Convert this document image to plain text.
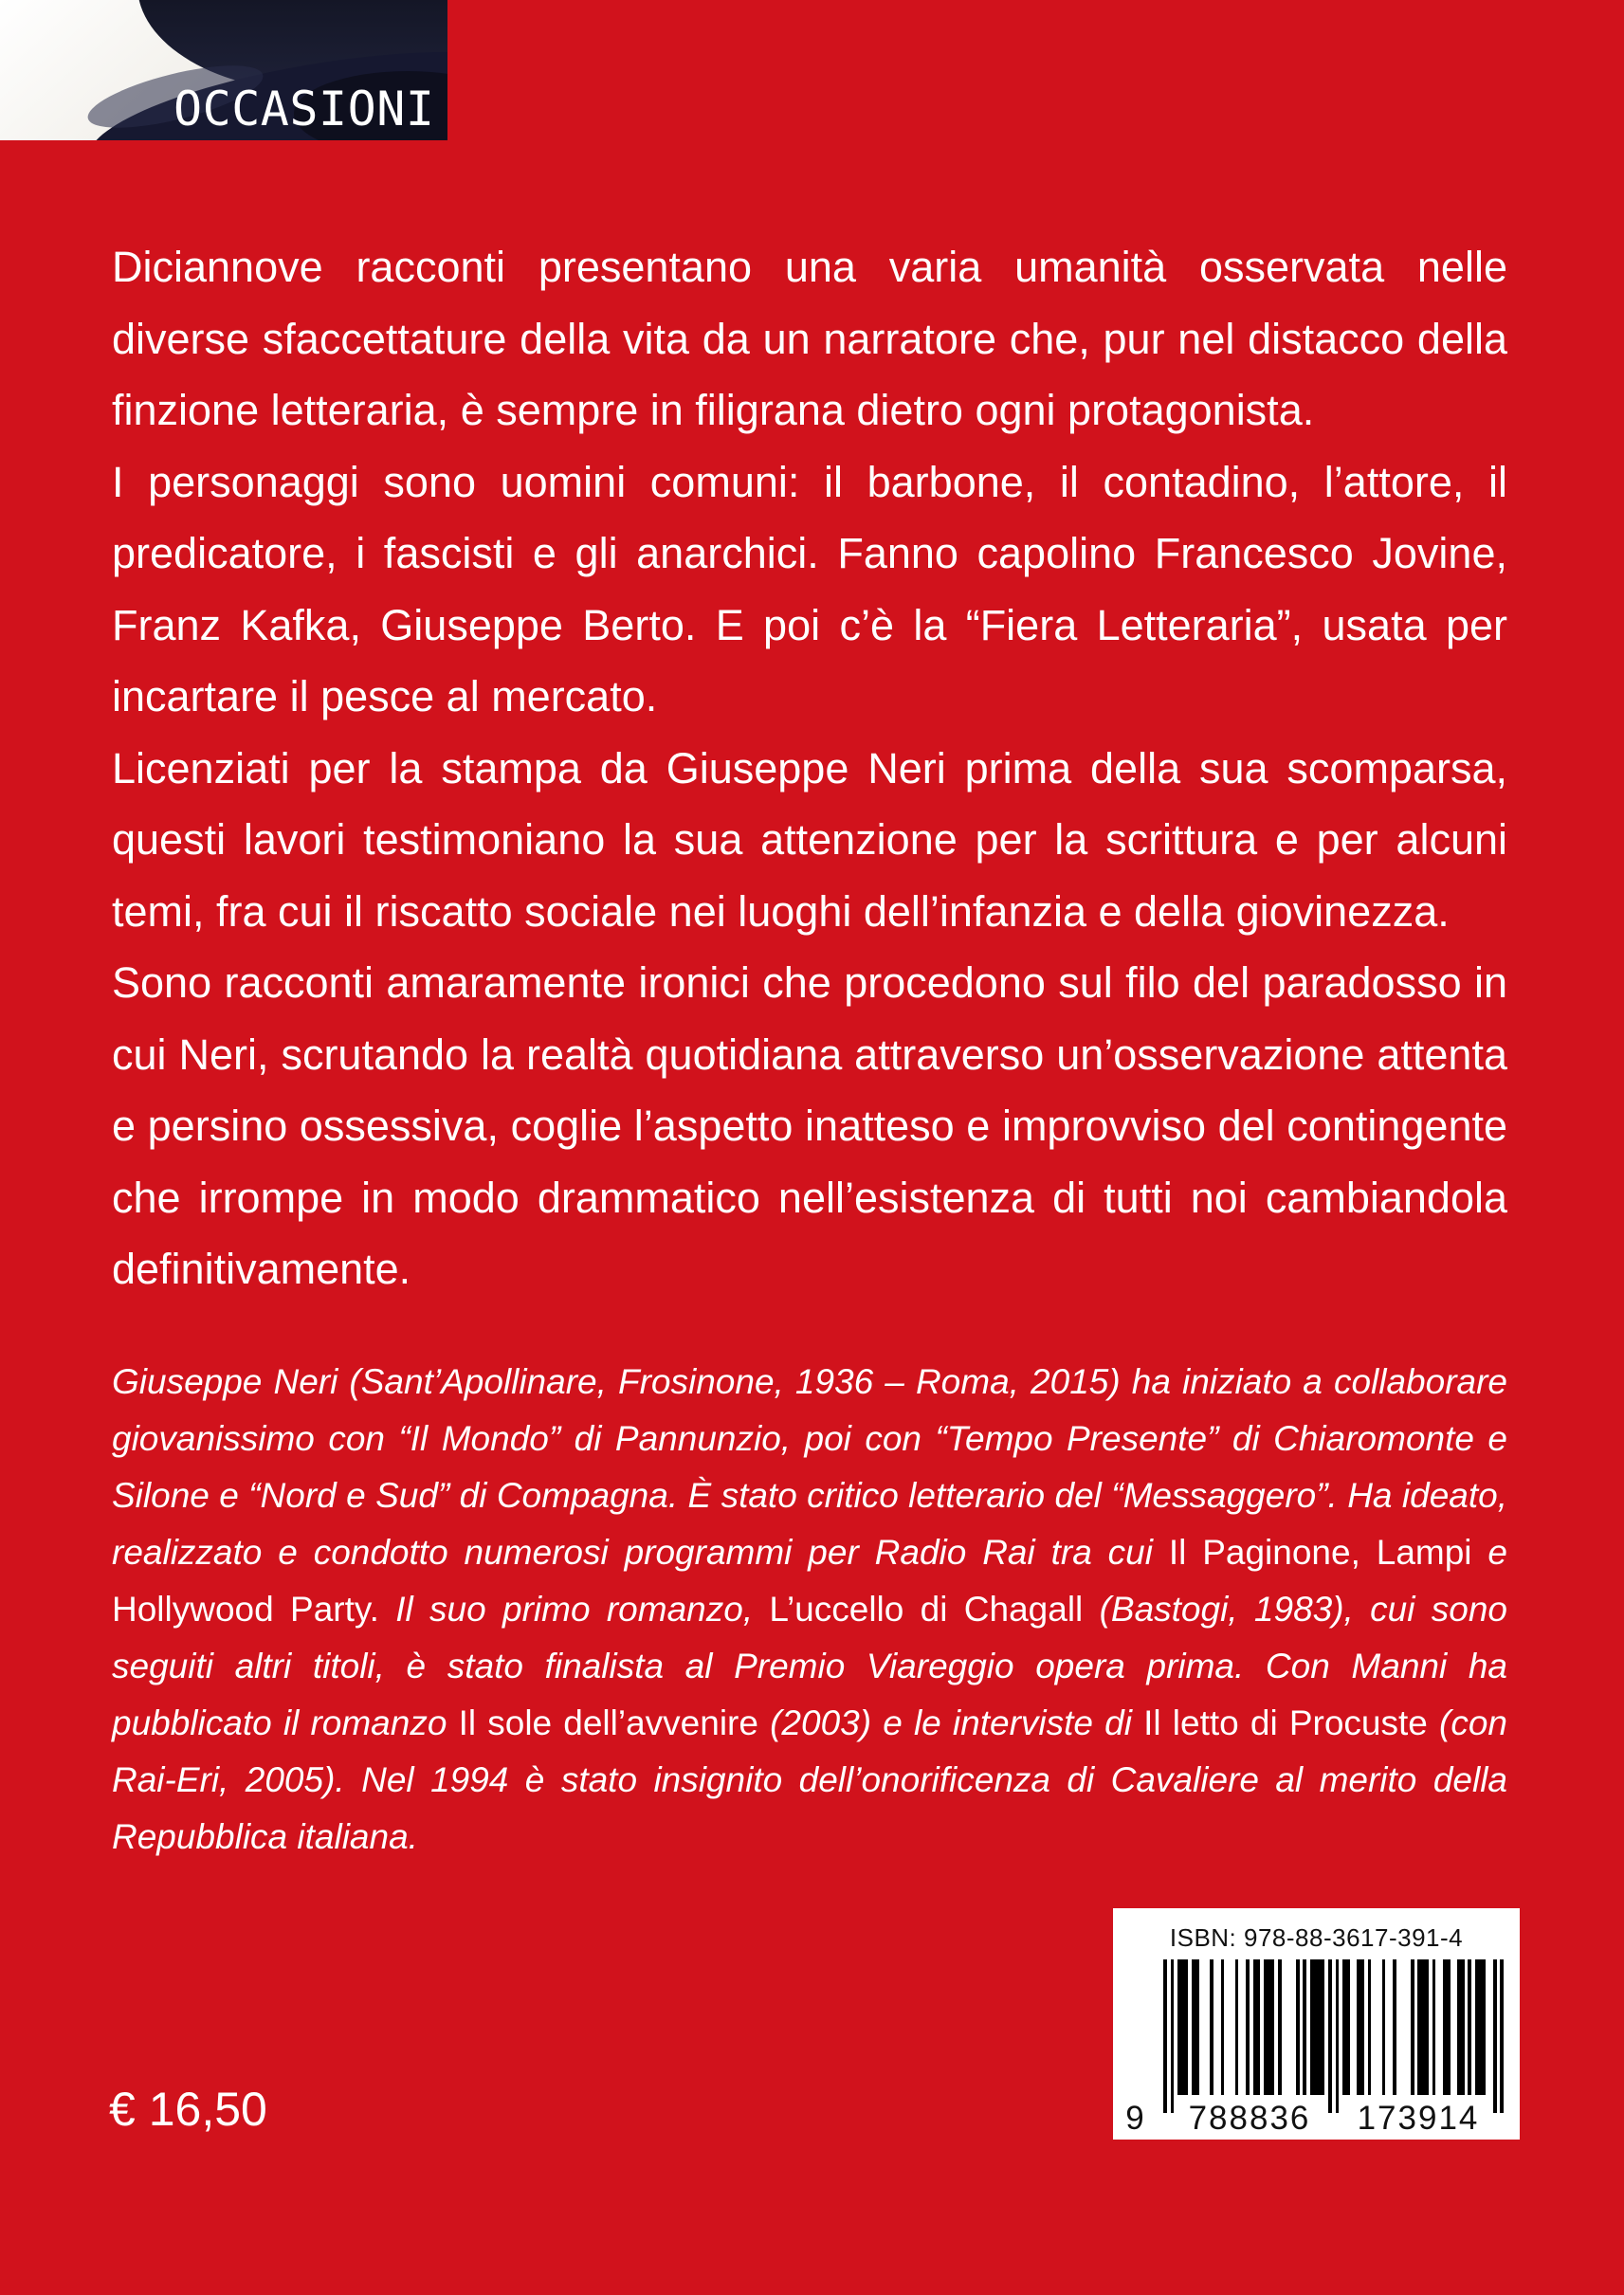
OCCASIONI

Diciannove racconti presentano una varia umanità osservata nelle diverse sfaccettature della vita da un narratore che, pur nel distacco della finzione letteraria, è sempre in filigrana dietro ogni protagonista.

I personaggi sono uomini comuni: il barbone, il contadino, l’attore, il predicatore, i fascisti e gli anarchici. Fanno capolino Francesco Jovine, Franz Kafka, Giuseppe Berto. E poi c’è la “Fiera Letteraria”, usata per incartare il pesce al mercato.

Licenziati per la stampa da Giuseppe Neri prima della sua scomparsa, questi lavori testimoniano la sua attenzione per la scrittura e per alcuni temi, fra cui il riscatto sociale nei luoghi dell’infanzia e della giovinezza.

Sono racconti amaramente ironici che procedono sul filo del paradosso in cui Neri, scrutando la realtà quotidiana attraverso un’osservazione attenta e persino ossessiva, coglie l’aspetto inatteso e improvviso del contingente che irrompe in modo drammatico nell’esistenza di tutti noi cambiandola definitivamente.

Giuseppe Neri (Sant’Apollinare, Frosinone, 1936 – Roma, 2015) ha iniziato a collaborare giovanissimo con “Il Mondo” di Pannunzio, poi con “Tempo Presente” di Chiaromonte e Silone e “Nord e Sud” di Compagna. È stato critico letterario del “Messaggero”. Ha ideato, realizzato e condotto numerosi programmi per Radio Rai tra cui Il Paginone, Lampi e Hollywood Party. Il suo primo romanzo, L’uccello di Chagall (Bastogi, 1983), cui sono seguiti altri titoli, è stato finalista al Premio Viareggio opera prima. Con Manni ha pubblicato il romanzo Il sole dell’avvenire (2003) e le interviste di Il letto di Procuste (con Rai-Eri, 2005). Nel 1994 è stato insignito dell’onorificenza di Cavaliere al merito della Repubblica italiana.
€ 16,50
ISBN: 978-88-3617-391-4
9	788836	173914
